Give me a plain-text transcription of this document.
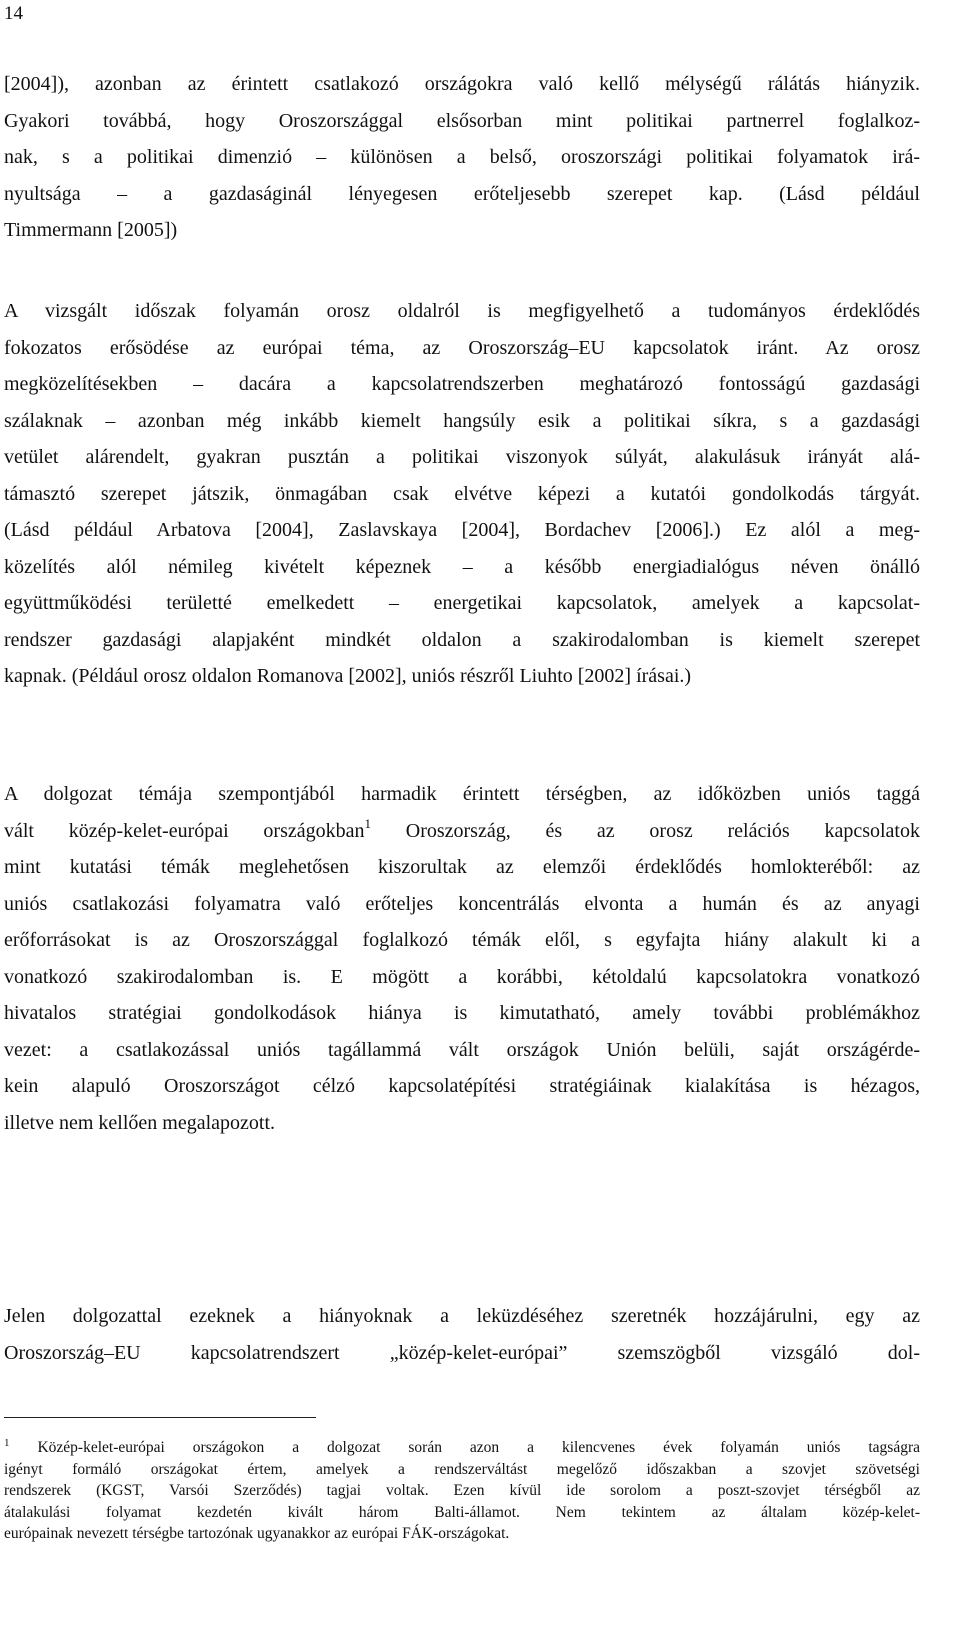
14
[2004]), azonban az érintett csatlakozó országokra való kellő mélységű rálátás hiányzik.
Gyakori továbbá, hogy Oroszországgal elsősorban mint politikai partnerrel foglalkoz-
nak, s a politikai dimenzió – különösen a belső, oroszországi politikai folyamatok irá-
nyultsága – a gazdaságinál lényegesen erőteljesebb szerepet kap. (Lásd például
Timmermann [2005])
A vizsgált időszak folyamán orosz oldalról is megfigyelhető a tudományos érdeklődés
fokozatos erősödése az európai téma, az Oroszország–EU kapcsolatok iránt. Az orosz
megközelítésekben – dacára a kapcsolatrendszerben meghatározó fontosságú gazdasági
szálaknak – azonban még inkább kiemelt hangsúly esik a politikai síkra, s a gazdasági
vetület alárendelt, gyakran pusztán a politikai viszonyok súlyát, alakulásuk irányát alá-
támasztó szerepet játszik, önmagában csak elvétve képezi a kutatói gondolkodás tárgyát.
(Lásd például Arbatova [2004], Zaslavskaya [2004], Bordachev [2006].) Ez alól a meg-
közelítés alól némileg kivételt képeznek – a később energiadialógus néven önálló
együttműködési területté emelkedett – energetikai kapcsolatok, amelyek a kapcsolat-
rendszer gazdasági alapjaként mindkét oldalon a szakirodalomban is kiemelt szerepet
kapnak. (Például orosz oldalon Romanova [2002], uniós részről Liuhto [2002] írásai.)
A dolgozat témája szempontjából harmadik érintett térségben, az időközben uniós taggá
vált közép-kelet-európai országokban$^1$ Oroszország, és az orosz relációs kapcsolatok
mint kutatási témák meglehetősen kiszorultak az elemzői érdeklődés homlokteréből: az
uniós csatlakozási folyamatra való erőteljes koncentrálás elvonta a humán és az anyagi
erőforrásokat is az Oroszországgal foglalkozó témák elől, s egyfajta hiány alakult ki a
vonatkozó szakirodalomban is. E mögött a korábbi, kétoldalú kapcsolatokra vonatkozó
hivatalos stratégiai gondolkodások hiánya is kimutatható, amely további problémákhoz
vezet: a csatlakozással uniós tagállammá vált országok Unión belüli, saját országérde-
kein alapuló Oroszországot célzó kapcsolatépítési stratégiáinak kialakítása is hézagos,
illetve nem kellően megalapozott.
Jelen dolgozattal ezeknek a hiányoknak a leküzdéséhez szeretnék hozzájárulni, egy az
Oroszország–EU kapcsolatrendszert „közép-kelet-európai” szemszögből vizsgáló dol-
$^1$ Közép-kelet-európai országokon a dolgozat során azon a kilencvenes évek folyamán uniós tagságra
igényt formáló országokat értem, amelyek a rendszerváltást megelőző időszakban a szovjet szövetségi
rendszerek (KGST, Varsói Szerződés) tagjai voltak. Ezen kívül ide sorolom a poszt-szovjet térségből az
átalakulási folyamat kezdetén kivált három Balti-államot. Nem tekintem az általam közép-kelet-
európainak nevezett térségbe tartozónak ugyanakkor az európai FÁK-országokat.
